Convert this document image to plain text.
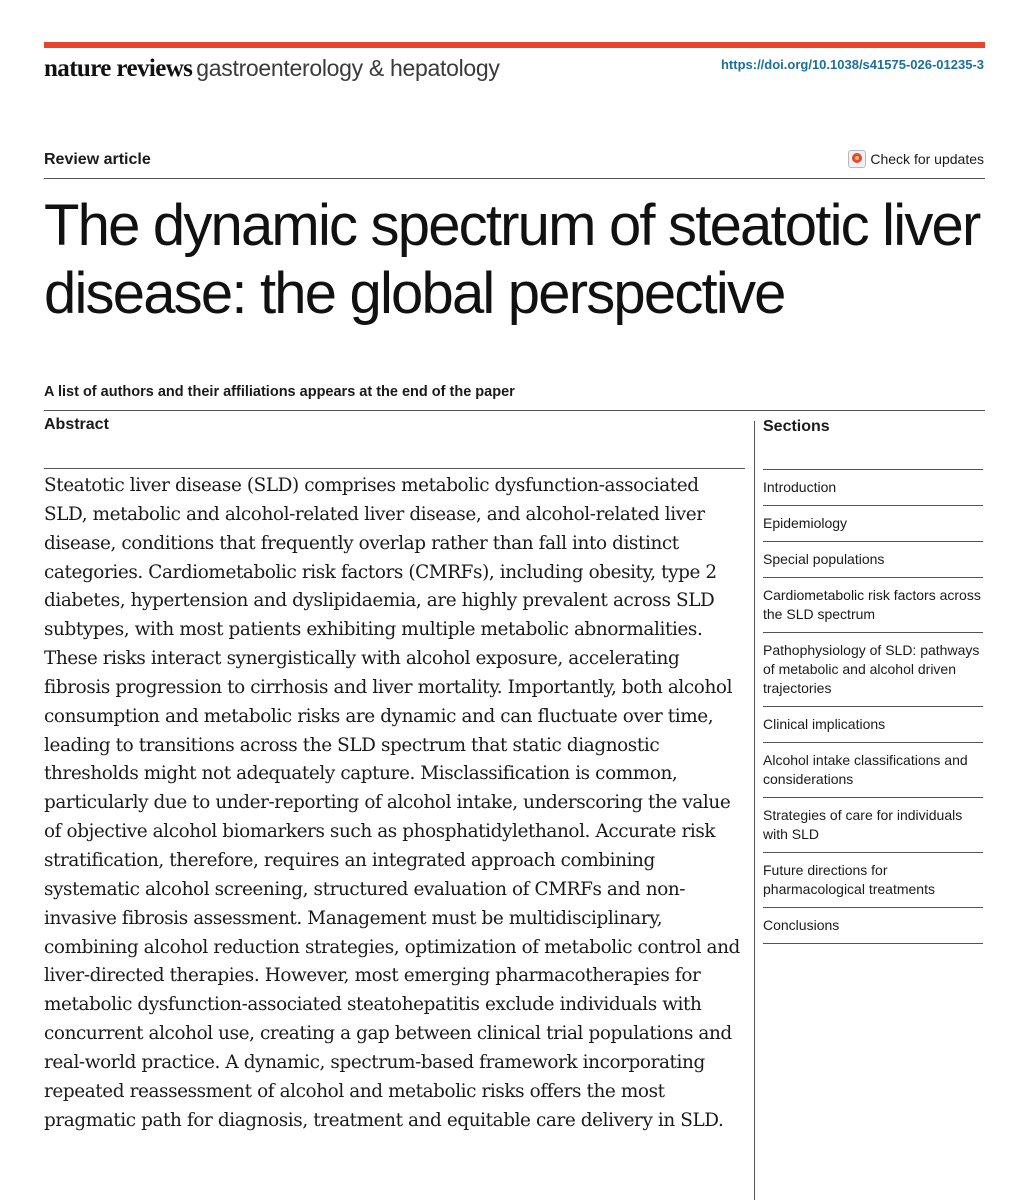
nature reviews gastroenterology & hepatology	https://doi.org/10.1038/s41575-026-01235-3
Review article	Check for updates
The dynamic spectrum of steatotic liver disease: the global perspective
A list of authors and their affiliations appears at the end of the paper
Abstract

Steatotic liver disease (SLD) comprises metabolic dysfunction-associated SLD, metabolic and alcohol-related liver disease, and alcohol-related liver disease, conditions that frequently overlap rather than fall into distinct categories. Cardiometabolic risk factors (CMRFs), including obesity, type 2 diabetes, hypertension and dyslipidaemia, are highly prevalent across SLD subtypes, with most patients exhibiting multiple metabolic abnormalities. These risks interact synergistically with alcohol exposure, accelerating fibrosis progression to cirrhosis and liver mortality. Importantly, both alcohol consumption and metabolic risks are dynamic and can fluctuate over time, leading to transitions across the SLD spectrum that static diagnostic thresholds might not adequately capture. Misclassification is common, particularly due to under-reporting of alcohol intake, underscoring the value of objective alcohol biomarkers such as phosphatidylethanol. Accurate risk stratification, therefore, requires an integrated approach combining systematic alcohol screening, structured evaluation of CMRFs and non-invasive fibrosis assessment. Management must be multidisciplinary, combining alcohol reduction strategies, optimization of metabolic control and liver-directed therapies. However, most emerging pharmacotherapies for metabolic dysfunction-associated steatohepatitis exclude individuals with concurrent alcohol use, creating a gap between clinical trial populations and real-world practice. A dynamic, spectrum-based framework incorporating repeated reassessment of alcohol and metabolic risks offers the most pragmatic path for diagnosis, treatment and equitable care delivery in SLD.

Sections
Introduction
Epidemiology
Special populations
Cardiometabolic risk factors across the SLD spectrum
Pathophysiology of SLD: pathways of metabolic and alcohol driven trajectories
Clinical implications
Alcohol intake classifications and considerations
Strategies of care for individuals with SLD
Future directions for pharmacological treatments
Conclusions
